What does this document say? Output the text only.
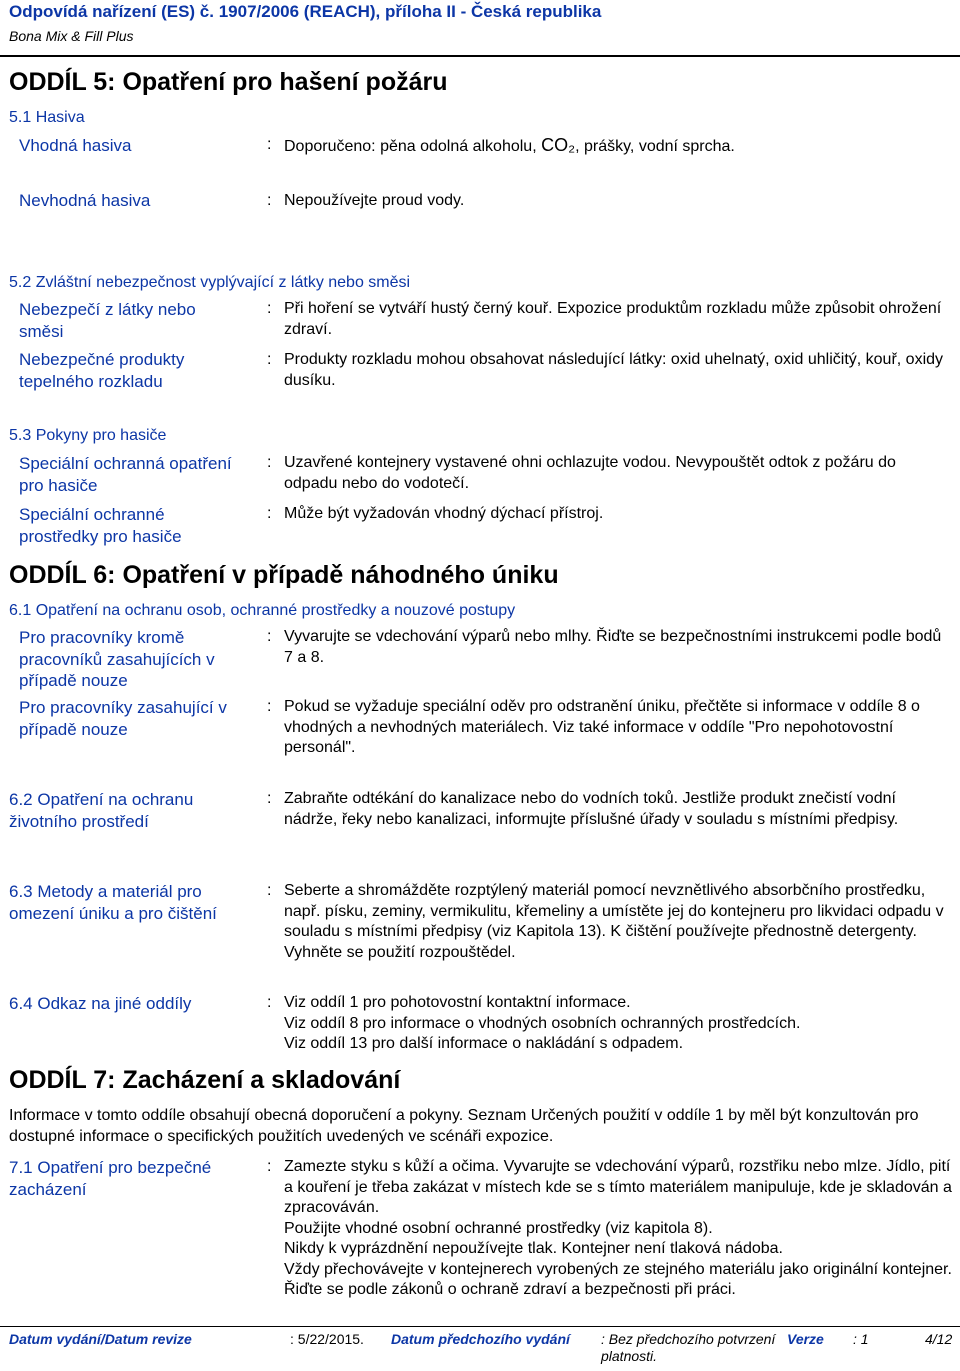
Odpovídá nařízení (ES) č. 1907/2006 (REACH), příloha II - Česká republika
Bona Mix & Fill Plus
ODDÍL 5: Opatření pro hašení požáru
5.1 Hasiva
Vhodná hasiva	: Doporučeno: pěna odolná alkoholu, CO₂, prášky, vodní sprcha.
Nevhodná hasiva	: Nepoužívejte proud vody.
5.2 Zvláštní nebezpečnost vyplývající z látky nebo směsi
Nebezpečí z látky nebo směsi
: Při hoření se vytváří hustý černý kouř. Expozice produktům rozkladu může způsobit ohrožení zdraví.
Nebezpečné produkty tepelného rozkladu
: Produkty rozkladu mohou obsahovat následující látky: oxid uhelnatý, oxid uhličitý, kouř, oxidy dusíku.
5.3 Pokyny pro hasiče
Speciální ochranná opatření pro hasiče
: Uzavřené kontejnery vystavené ohni ochlazujte vodou. Nevypouštět odtok z požáru do odpadu nebo do vodotečí.
Speciální ochranné prostředky pro hasiče
: Může být vyžadován vhodný dýchací přístroj.
ODDÍL 6: Opatření v případě náhodného úniku
6.1 Opatření na ochranu osob, ochranné prostředky a nouzové postupy
Pro pracovníky kromě pracovníků zasahujících v případě nouze
: Vyvarujte se vdechování výparů nebo mlhy. Řiďte se bezpečnostními instrukcemi podle bodů 7 a 8.
Pro pracovníky zasahující v případě nouze
: Pokud se vyžaduje speciální oděv pro odstranění úniku, přečtěte si informace v oddíle 8 o vhodných a nevhodných materiálech. Viz také informace v oddíle "Pro nepohotovostní personál".
6.2 Opatření na ochranu životního prostředí
: Zabraňte odtékání do kanalizace nebo do vodních toků. Jestliže produkt znečistí vodní nádrže, řeky nebo kanalizaci, informujte příslušné úřady v souladu s místními předpisy.
6.3 Metody a materiál pro omezení úniku a pro čištění
: Seberte a shromážděte rozptýlený materiál pomocí nevznětlivého absorbčního prostředku, např. písku, zeminy, vermikulitu, křemeliny a umístěte jej do kontejneru pro likvidaci odpadu v souladu s místními předpisy (viz Kapitola 13). K čištění používejte přednostně detergenty. Vyhněte se použití rozpouštědel.
6.4 Odkaz na jiné oddíly	: Viz oddíl 1 pro pohotovostní kontaktní informace.
Viz oddíl 8 pro informace o vhodných osobních ochranných prostředcích.
Viz oddíl 13 pro další informace o nakládání s odpadem.
ODDÍL 7: Zacházení a skladování
Informace v tomto oddíle obsahují obecná doporučení a pokyny. Seznam Určených použití v oddíle 1 by měl být konzultován pro dostupné informace o specifických použitích uvedených ve scénáři expozice.
7.1 Opatření pro bezpečné zacházení
: Zamezte styku s kůží a očima. Vyvarujte se vdechování výparů, rozstřiku nebo mlze. Jídlo, pití a kouření je třeba zakázat v místech kde se s tímto materiálem manipuluje, kde je skladován a zpracováván.
Použijte vhodné osobní ochranné prostředky (viz kapitola 8).
Nikdy k vyprázdnění nepoužívejte tlak. Kontejner není tlaková nádoba.
Vždy přechovávejte v kontejnerech vyrobených ze stejného materiálu jako originální kontejner.
Řiďte se podle zákonů o ochraně zdraví a bezpečnosti při práci.
Datum vydání/Datum revize	: 5/22/2015. Datum předchozího vydání : Bez předchozího potvrzení platnosti.
Verze : 1	4/12
